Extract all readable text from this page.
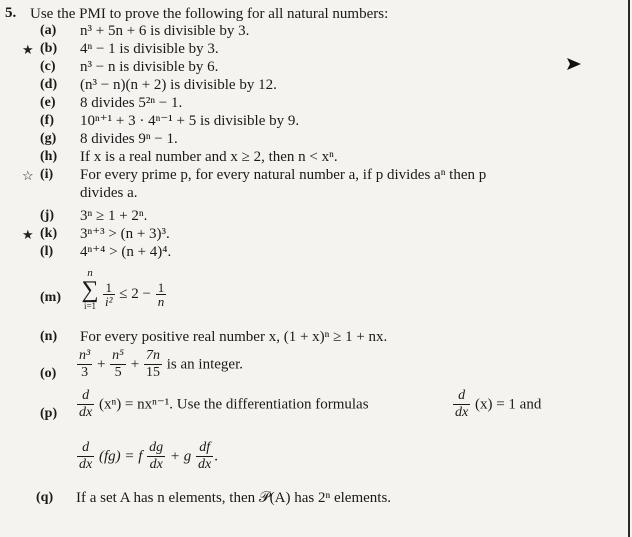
5. Use the PMI to prove the following for all natural numbers:
(a) n³ + 5n + 6 is divisible by 3.
★ (b) 4ⁿ − 1 is divisible by 3.
(c) n³ − n is divisible by 6.
(d) (n³ − n)(n + 2) is divisible by 12.
(e) 8 divides 5²ⁿ − 1.
(f) 10ⁿ⁺¹ + 3 · 4ⁿ⁻¹ + 5 is divisible by 9.
(g) 8 divides 9ⁿ − 1.
(h) If x is a real number and x ≥ 2, then n < xⁿ.
☆ (i) For every prime p, for every natural number a, if p divides aⁿ then p
divides a.
(j) 3ⁿ ≥ 1 + 2ⁿ.
★ (k) 3ⁿ⁺³ > (n + 3)³.
(l) 4ⁿ⁺⁴ > (n + 4)⁴.
(m)
n
∑
$i=1 \frac{1}{\text{i²}} \le 2 - \frac{1}{n}$
(n) For every positive real number x, (1 + x)ⁿ ≥ 1 + nx.
$(o) \frac{\text{n³}}{3} + \frac{\text{n⁵}}{5} + \frac{7n}{15}$ is an integer.
$(p) \frac{d}{dx} (x^n) = nx^{n-1}$. Use the differentiation formulas	$\frac{d}{dx} (x) = 1$ and
$\frac{d}{dx} (fg) = f \frac{dg}{dx} + g \frac{df}{dx}$ .
(q) If a set A has n elements, then 𝒫(A) has 2ⁿ elements.
